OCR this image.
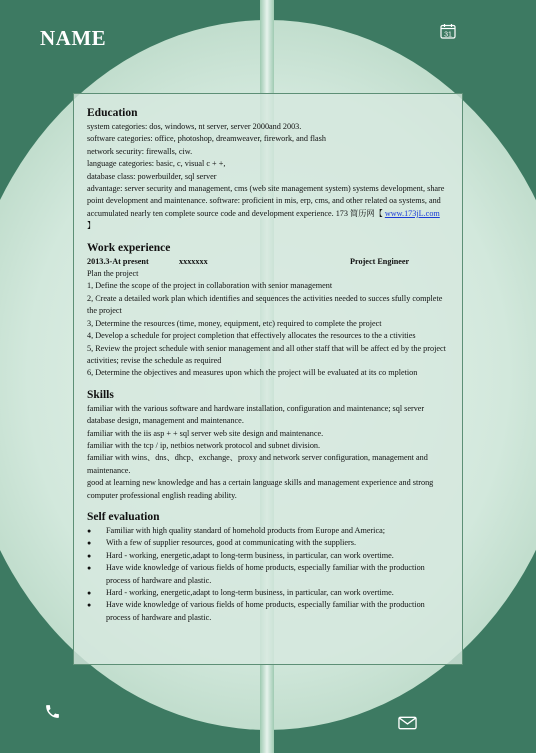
NAME	31
Education

system categories: dos, windows, nt server, server 2000and 2003.

software categories: office, photoshop, dreamweaver, firework, and flash

network security: firewalls, ciw.

language categories: basic, c, visual c + +,

database class: powerbuilder, sql server

advantage: server security and management, cms (web site management system) systems development, share point development and maintenance. software: proficient in mis, erp, cms, and other related oa systems, and accumulated nearly ten complete source code and development experience. 173 简历网【 www.173jL.com 】

Work experience
2013.3-At present	xxxxxxx	Project Engineer

Plan the project

1, Define the scope of the project in collaboration with senior management

2, Create a detailed work plan which identifies and sequences the activities needed to succes sfully complete the project

3, Determine the resources (time, money, equipment, etc) required to complete the project

4, Develop a schedule for project completion that effectively allocates the resources to the a ctivities

5, Review the project schedule with senior management and all other staff that will be affect ed by the project activities; revise the schedule as required

6, Determine the objectives and measures upon which the project will be evaluated at its co mpletion

Skills

familiar with the various software and hardware installation, configuration and maintenance; sql server database design, management and maintenance.

familiar with the iis asp + + sql server web site design and maintenance.

familiar with the tcp / ip, netbios network protocol and subnet division.

familiar with wins、dns、dhcp、exchange、proxy and network server configuration, management and maintenance.

good at learning new knowledge and has a certain language skills and management experience and strong computer professional english reading ability.

Self evaluation
● Familiar with high quality standard of homehold products from Europe and America;
● With a few of supplier resources, good at communicating with the suppliers.
● Hard - working, energetic,adapt to long-term business, in particular, can work overtime.
● Have wide knowledge of various fields of home products, especially familiar with the production process of hardware and plastic.
● Hard - working, energetic,adapt to long-term business, in particular, can work overtime.
● Have wide knowledge of various fields of home products, especially familiar with the production process of hardware and plastic.
